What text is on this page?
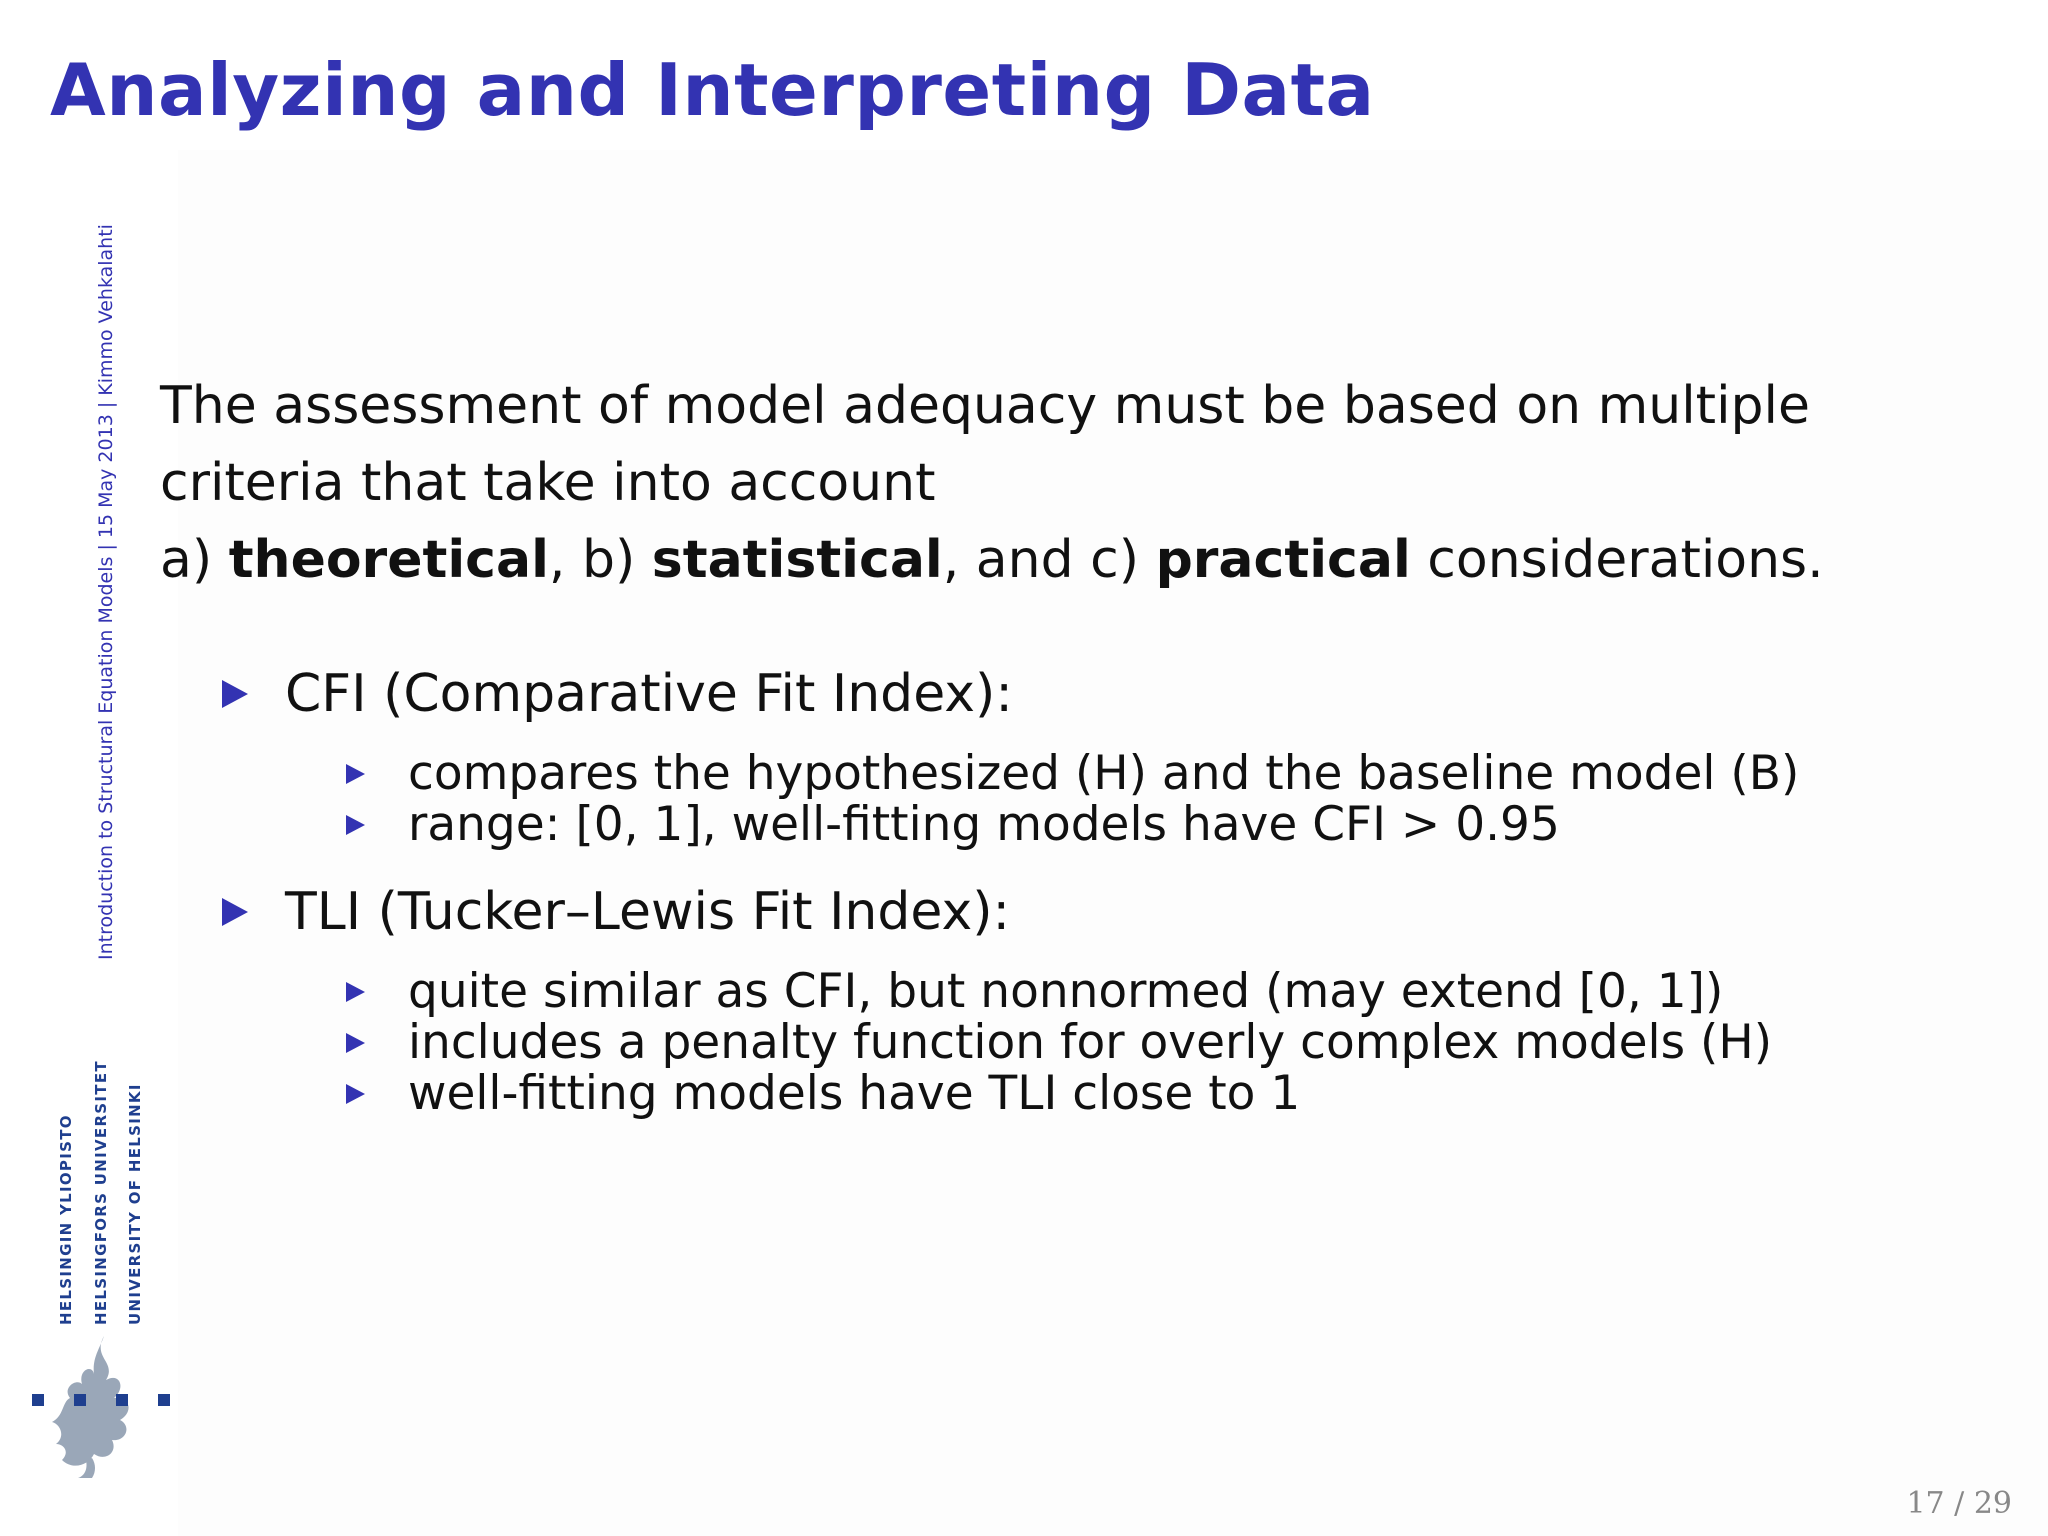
Analyzing and Interpreting Data
Introduction to Structural Equation Models | 15 May 2013 | Kimmo Vehkalahti The assessment of model adequacy must be based on multiple
criteria that take into account
a) theoretical, b) statistical, and c) practical considerations.

CFI (Comparative Fit Index):
compares the hypothesized (H) and the baseline model (B)
range: [0, 1], well-fitting models have CFI > 0.95
TLI (Tucker–Lewis Fit Index):
quite similar as CFI, but nonnormed (may extend [0, 1])
includes a penalty function for overly complex models (H)
well-fitting models have TLI close to 1
HELSINGIN YLIOPISTO HELSINGFORS UNIVERSITET UNIVERSITY OF HELSINKI
17 / 29
